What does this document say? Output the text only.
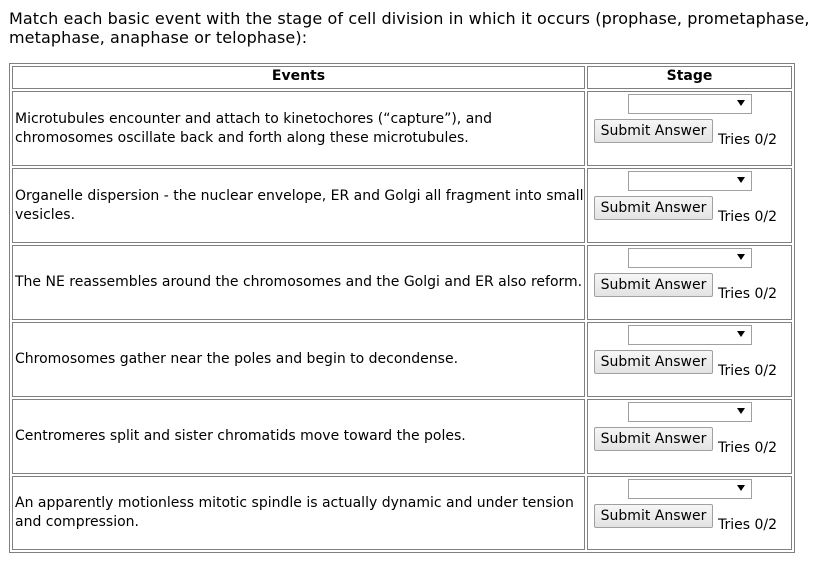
Match each basic event with the stage of cell division in which it occurs (prophase, prometaphase, metaphase, anaphase or telophase):
Events	Stage
Microtubules encounter and attach to kinetochores (“capture”), and chromosomes oscillate back and forth along these microtubules.	Submit Answer
Tries 0/2
Organelle dispersion - the nuclear envelope, ER and Golgi all fragment into small vesicles.	Submit Answer
Tries 0/2
The NE reassembles around the chromosomes and the Golgi and ER also reform.	Submit Answer
Tries 0/2
Chromosomes gather near the poles and begin to decondense.	Submit Answer
Tries 0/2
Centromeres split and sister chromatids move toward the poles.	Submit Answer
Tries 0/2
An apparently motionless mitotic spindle is actually dynamic and under tension and compression.	Submit Answer
Tries 0/2
